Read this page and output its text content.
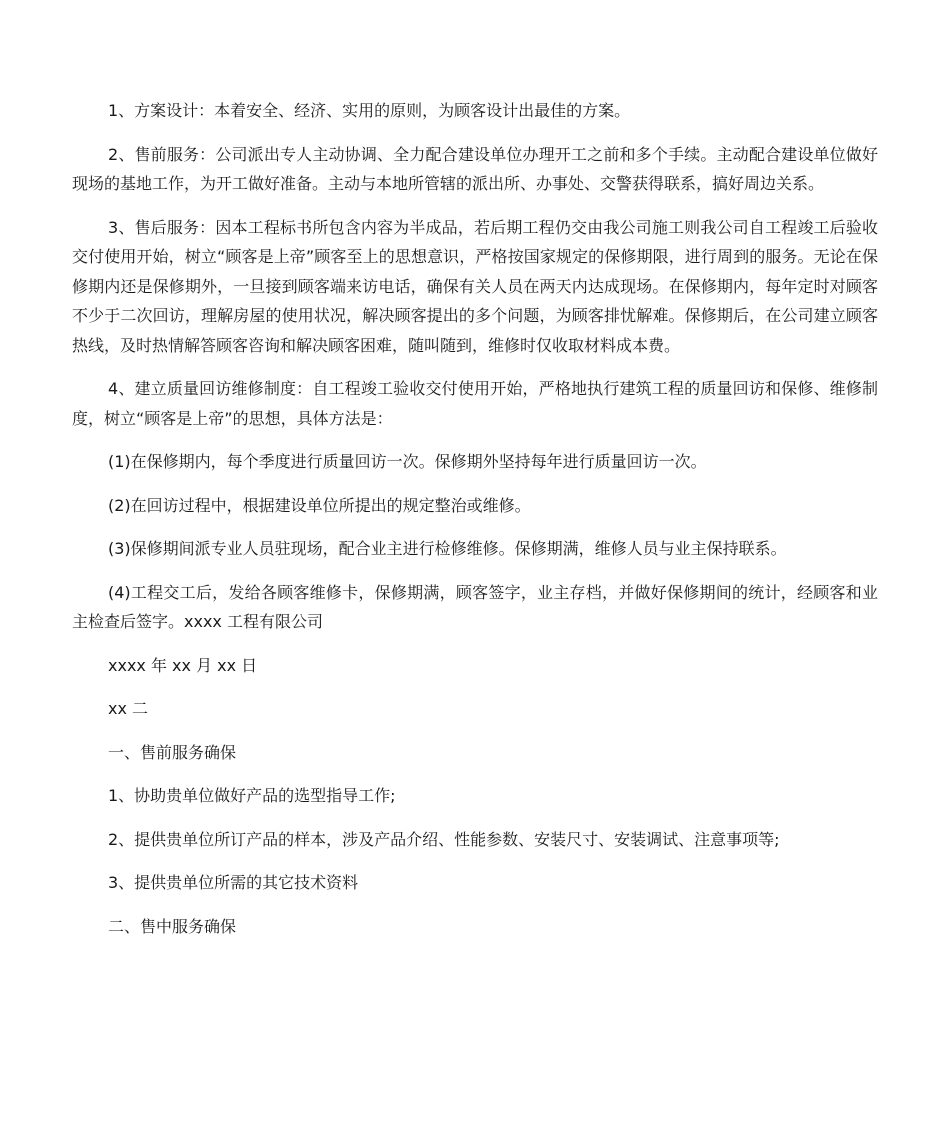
1、方案设计：本着安全、经济、实用的原则，为顾客设计出最佳的方案。

2、售前服务：公司派出专人主动协调、全力配合建设单位办理开工之前和多个手续。主动配合建设单位做好现场的基地工作，为开工做好准备。主动与本地所管辖的派出所、办事处、交警获得联系，搞好周边关系。

3、售后服务：因本工程标书所包含内容为半成品，若后期工程仍交由我公司施工则我公司自工程竣工后验收交付使用开始，树立“顾客是上帝”顾客至上的思想意识，严格按国家规定的保修期限，进行周到的服务。无论在保修期内还是保修期外，一旦接到顾客端来访电话，确保有关人员在两天内达成现场。在保修期内，每年定时对顾客不少于二次回访，理解房屋的使用状况，解决顾客提出的多个问题，为顾客排忧解难。保修期后，在公司建立顾客热线，及时热情解答顾客咨询和解决顾客困难，随叫随到，维修时仅收取材料成本费。

4、建立质量回访维修制度：自工程竣工验收交付使用开始，严格地执行建筑工程的质量回访和保修、维修制度，树立“顾客是上帝”的思想，具体方法是：

(1)在保修期内，每个季度进行质量回访一次。保修期外坚持每年进行质量回访一次。

(2)在回访过程中，根据建设单位所提出的规定整治或维修。

(3)保修期间派专业人员驻现场，配合业主进行检修维修。保修期满，维修人员与业主保持联系。

(4)工程交工后，发给各顾客维修卡，保修期满，顾客签字，业主存档，并做好保修期间的统计，经顾客和业主检查后签字。xxxx 工程有限公司

xxxx 年 xx 月 xx 日

xx 二

一、售前服务确保

1、协助贵单位做好产品的选型指导工作;

2、提供贵单位所订产品的样本，涉及产品介绍、性能参数、安装尺寸、安装调试、注意事项等;

3、提供贵单位所需的其它技术资料

二、售中服务确保
